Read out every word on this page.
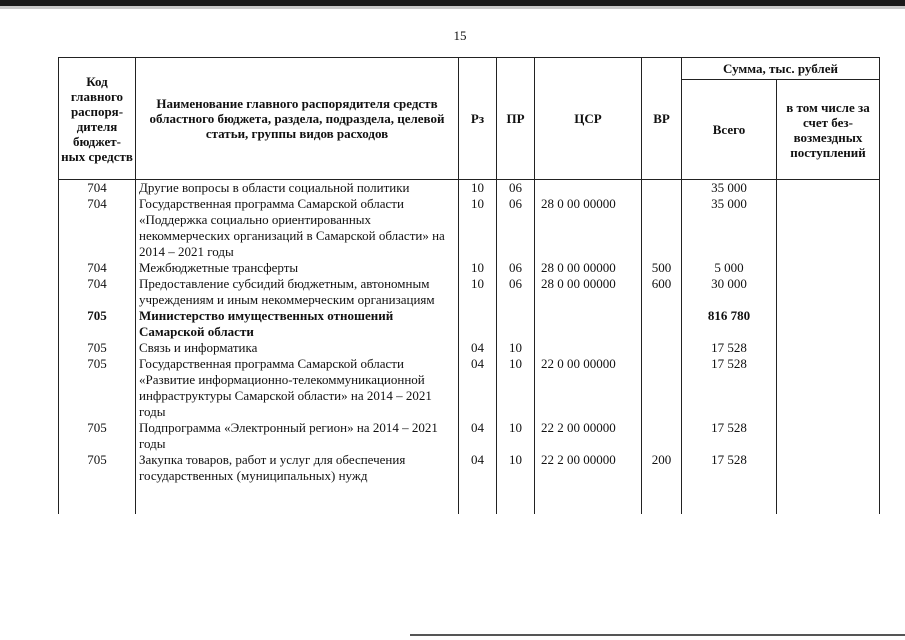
15
Код главного распоря-дителя бюджет-ных средств	Наименование главного распорядителя средств областного бюджета, раздела, подраздела, целевой статьи, группы видов расходов	Рз	ПР	ЦСР	ВР	Сумма, тыс. рублей	
						Всего	в том числе за счет без-возмездных поступлений
704	Другие вопросы в области социальной политики	10	06			35 000	
704	Государственная программа Самарской области «Поддержка социально ориентированных некоммерческих организаций в Самарской области» на 2014 – 2021 годы	10	06	28 0 00 00000		35 000	
704	Межбюджетные трансферты	10	06	28 0 00 00000	500	5 000	
704	Предоставление субсидий бюджетным, автономным учреждениям и иным некоммерческим организациям	10	06	28 0 00 00000	600	30 000	
705	Министерство имущественных отношений Самарской области					816 780	
705	Связь и информатика	04	10			17 528	
705	Государственная программа Самарской области «Развитие информационно-телекоммуникационной инфраструктуры Самарской области» на 2014 – 2021 годы	04	10	22 0 00 00000		17 528	
705	Подпрограмма «Электронный регион» на 2014 – 2021 годы	04	10	22 2 00 00000		17 528	
705	Закупка товаров, работ и услуг для обеспечения государственных (муниципальных) нужд	04	10	22 2 00 00000	200	17 528	
